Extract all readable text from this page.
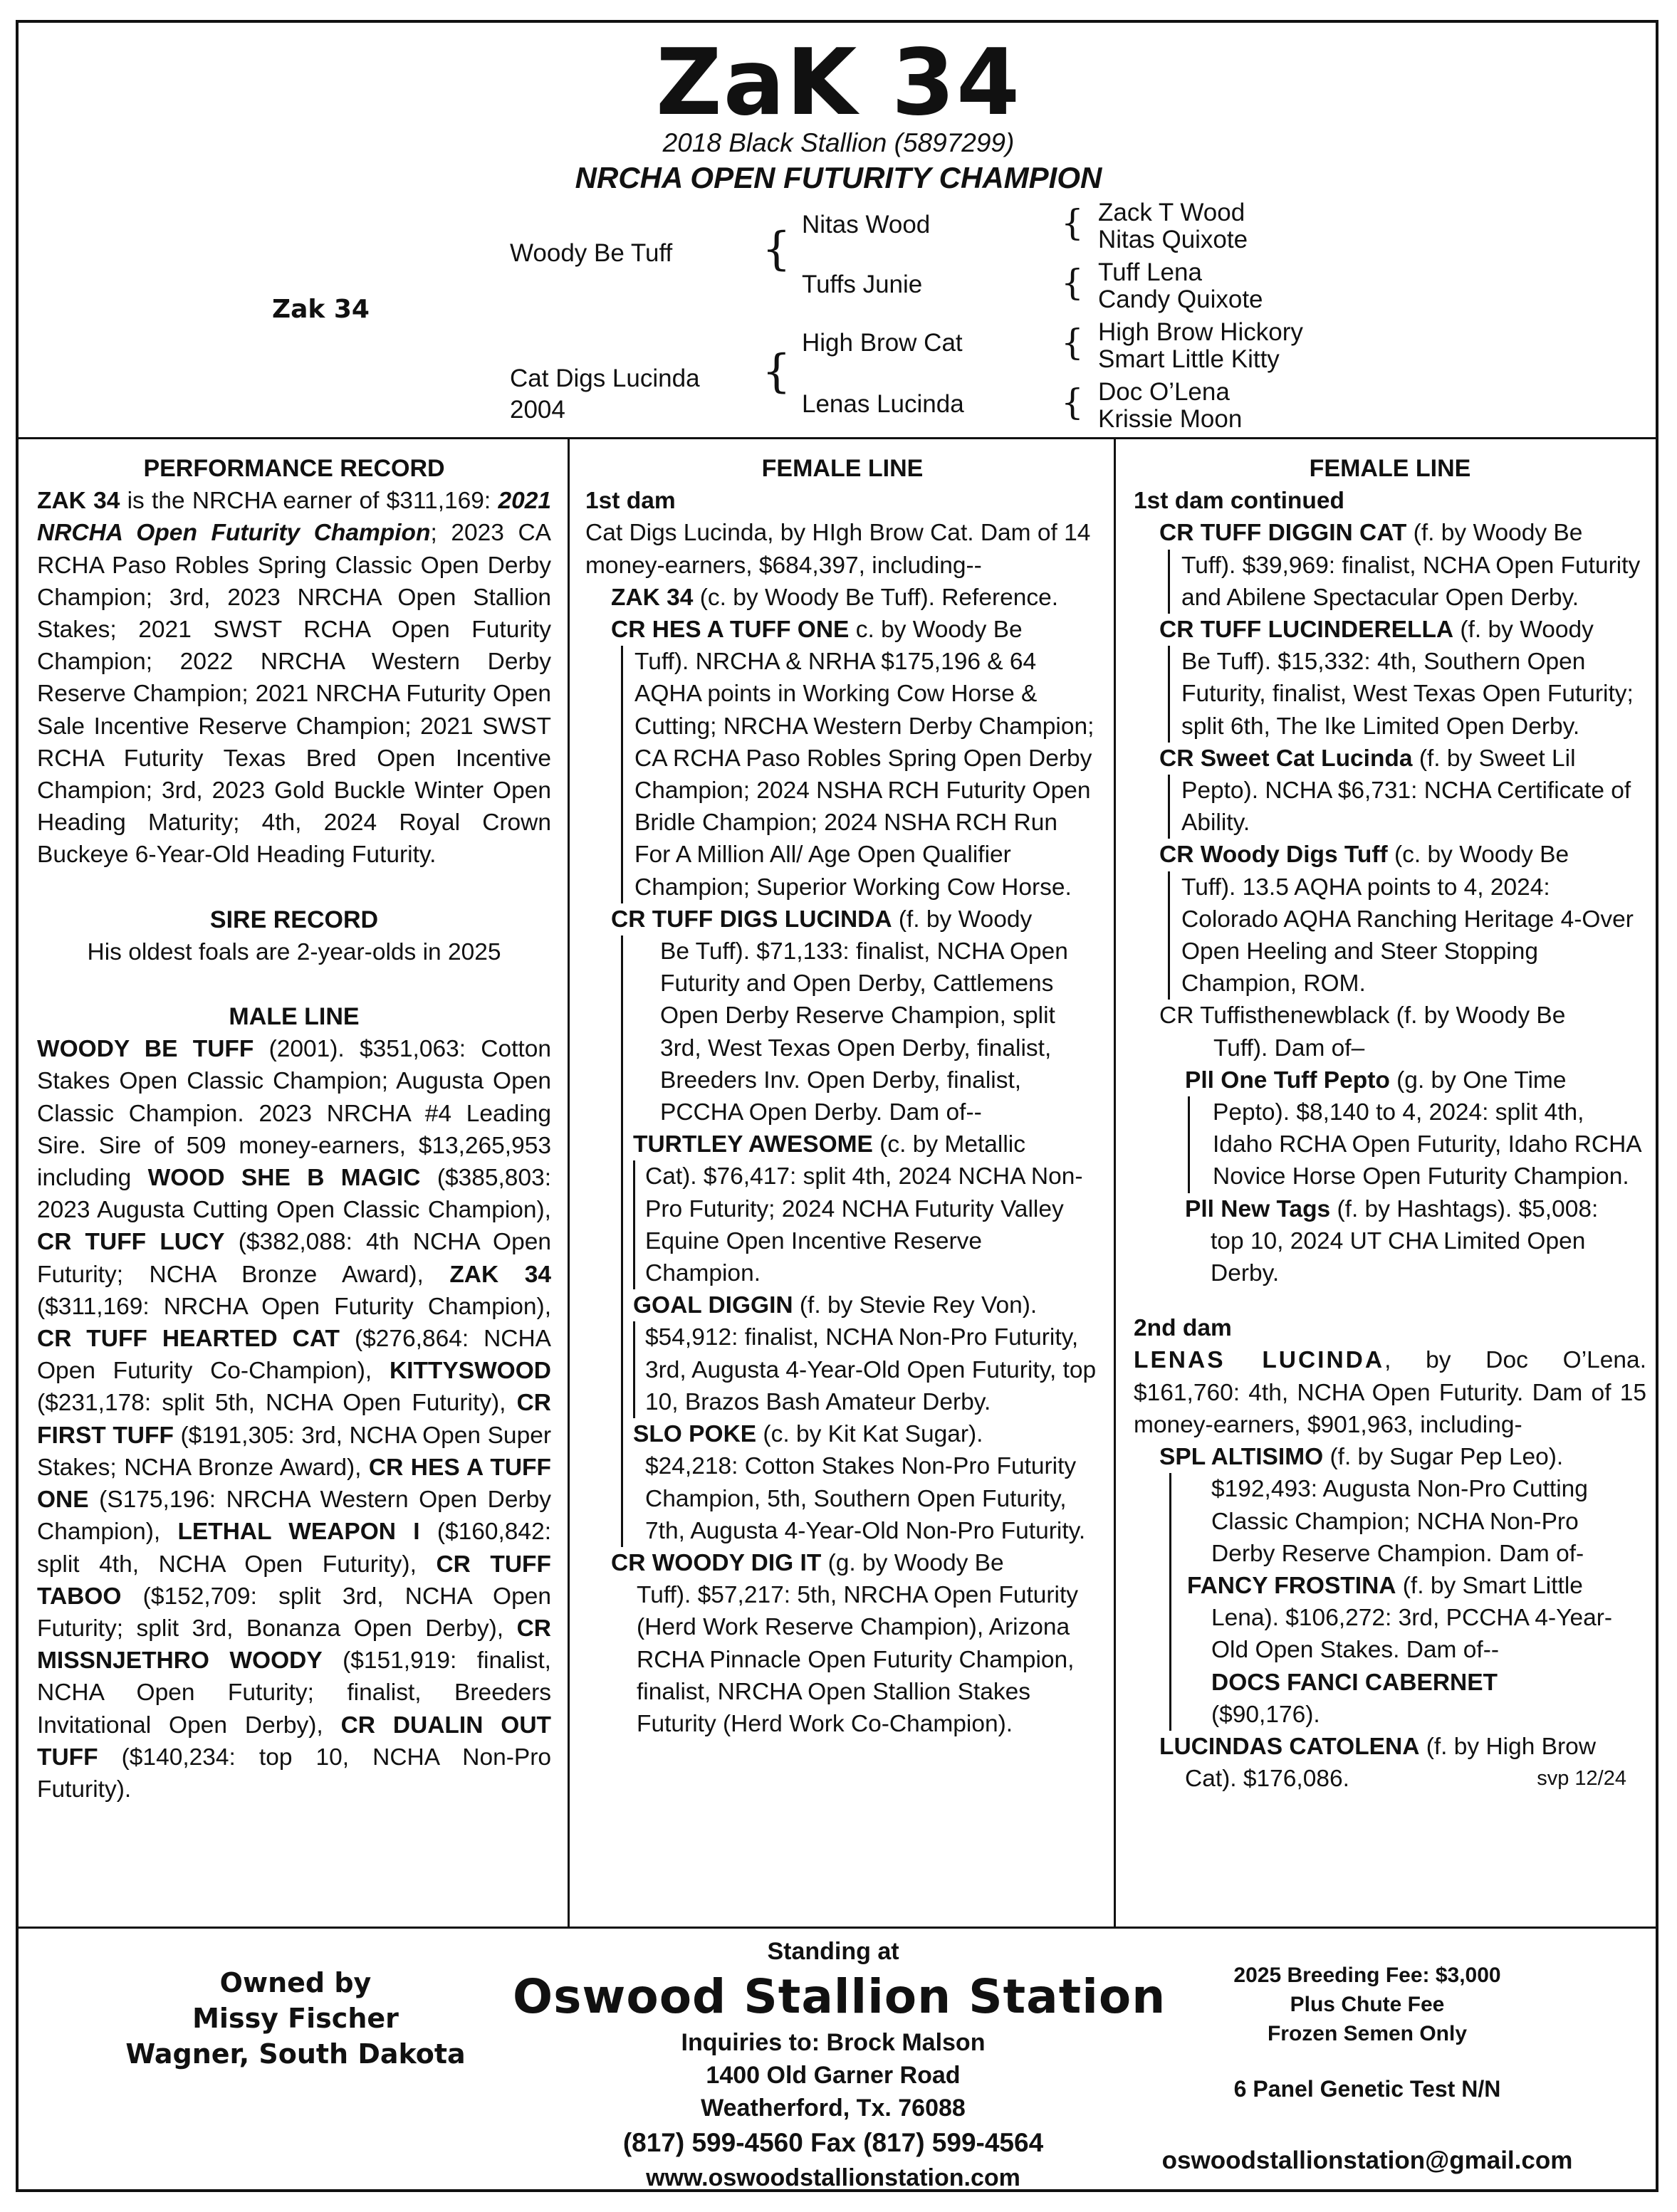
ZaK 34
2018 Black Stallion (5897299)
NRCHA OPEN FUTURITY CHAMPION
Zak 34
Woody Be Tuff
Cat Digs Lucinda
2004
{
{
Nitas Wood
Tuffs Junie
High Brow Cat
Lenas Lucinda
{
{
{
{
Zack T Wood
Nitas Quixote
Tuff Lena
Candy Quixote
High Brow Hickory
Smart Little Kitty
Doc O’Lena
Krissie Moon
PERFORMANCE RECORD

ZAK 34 is the NRCHA earner of $311,169: 2021 NRCHA Open Futurity Champion; 2023 CA RCHA Paso Robles Spring Classic Open Derby Champion; 3rd, 2023 NRCHA Open Stallion Stakes; 2021 SWST RCHA Open Futurity Champion; 2022 NRCHA Western Derby Reserve Champion; 2021 NRCHA Futurity Open Sale Incentive Reserve Champion; 2021 SWST RCHA Futurity Texas Bred Open Incentive Champion; 3rd, 2023 Gold Buckle Winter Open Heading Maturity; 4th, 2024 Royal Crown Buckeye 6-Year-Old Heading Futurity.

SIRE RECORD

His oldest foals are 2-year-olds in 2025

MALE LINE

WOODY BE TUFF (2001). $351,063: Cotton Stakes Open Classic Champion; Augusta Open Classic Champion. 2023 NRCHA #4 Leading Sire. Sire of 509 money-earners, $13,265,953 including WOOD SHE B MAGIC ($385,803: 2023 Augusta Cutting Open Classic Champion), CR TUFF LUCY ($382,088: 4th NCHA Open Futurity; NCHA Bronze Award), ZAK 34 ($311,169: NRCHA Open Futurity Champion), CR TUFF HEARTED CAT ($276,864: NCHA Open Futurity Co-Champion), KITTYSWOOD ($231,178: split 5th, NCHA Open Futurity), CR FIRST TUFF ($191,305: 3rd, NCHA Open Super Stakes; NCHA Bronze Award), CR HES A TUFF ONE (S175,196: NRCHA Western Open Derby Champion), LETHAL WEAPON I ($160,842: split 4th, NCHA Open Futurity), CR TUFF TABOO ($152,709: split 3rd, NCHA Open Futurity; split 3rd, Bonanza Open Derby), CR MISSNJETHRO WOODY ($151,919: finalist, NCHA Open Futurity; finalist, Breeders Invitational Open Derby), CR DUALIN OUT TUFF ($140,234: top 10, NCHA Non-Pro Futurity).

FEMALE LINE

1st dam

Cat Digs Lucinda, by HIgh Brow Cat. Dam of 14 money-earners, $684,397, including--

ZAK 34 (c. by Woody Be Tuff). Reference.

CR HES A TUFF ONE c. by Woody Be

Tuff). NRCHA & NRHA $175,196 & 64 AQHA points in Working Cow Horse & Cutting; NRCHA Western Derby Champion; CA RCHA Paso Robles Spring Open Derby Champion; 2024 NSHA RCH Futurity Open Bridle Champion; 2024 NSHA RCH Run For A Million All/ Age Open Qualifier Champion; Superior Working Cow Horse.

CR TUFF DIGS LUCINDA (f. by Woody

Be Tuff). $71,133: finalist, NCHA Open Futurity and Open Derby, Cattlemens Open Derby Reserve Champion, split 3rd, West Texas Open Derby, finalist, Breeders Inv. Open Derby, finalist, PCCHA Open Derby. Dam of--

TURTLEY AWESOME (c. by Metallic

Cat). $76,417: split 4th, 2024 NCHA Non-Pro Futurity; 2024 NCHA Futurity Valley Equine Open Incentive Reserve Champion.

GOAL DIGGIN (f. by Stevie Rey Von).

$54,912: finalist, NCHA Non-Pro Futurity, 3rd, Augusta 4-Year-Old Open Futurity, top 10, Brazos Bash Amateur Derby.

SLO POKE (c. by Kit Kat Sugar).

$24,218: Cotton Stakes Non-Pro Futurity Champion, 5th, Southern Open Futurity, 7th, Augusta 4-Year-Old Non-Pro Futurity.

CR WOODY DIG IT (g. by Woody Be

Tuff). $57,217: 5th, NRCHA Open Futurity (Herd Work Reserve Champion), Arizona RCHA Pinnacle Open Futurity Champion, finalist, NRCHA Open Stallion Stakes Futurity (Herd Work Co-Champion).

FEMALE LINE

1st dam continued

CR TUFF DIGGIN CAT (f. by Woody Be

Tuff). $39,969: finalist, NCHA Open Futurity and Abilene Spectacular Open Derby.

CR TUFF LUCINDERELLA (f. by Woody

Be Tuff). $15,332: 4th, Southern Open Futurity, finalist, West Texas Open Futurity; split 6th, The Ike Limited Open Derby.

CR Sweet Cat Lucinda (f. by Sweet Lil

Pepto). NCHA $6,731: NCHA Certificate of Ability.

CR Woody Digs Tuff (c. by Woody Be

Tuff). 13.5 AQHA points to 4, 2024: Colorado AQHA Ranching Heritage 4-Over Open Heeling and Steer Stopping Champion, ROM.

CR Tuffisthenewblack (f. by Woody Be

Tuff). Dam of–

Pll One Tuff Pepto (g. by One Time

Pepto). $8,140 to 4, 2024: split 4th, Idaho RCHA Open Futurity, Idaho RCHA Novice Horse Open Futurity Champion.

Pll New Tags (f. by Hashtags). $5,008:

top 10, 2024 UT CHA Limited Open Derby.

2nd dam

LENAS LUCINDA, by Doc O’Lena. $161,760: 4th, NCHA Open Futurity. Dam of 15 money-earners, $901,963, including-

SPL ALTISIMO (f. by Sugar Pep Leo).

$192,493: Augusta Non-Pro Cutting Classic Champion; NCHA Non-Pro Derby Reserve Champion. Dam of-

FANCY FROSTINA (f. by Smart Little

Lena). $106,272: 3rd, PCCHA 4-Year-Old Open Stakes. Dam of--

DOCS FANCI CABERNET

($90,176).

LUCINDAS CATOLENA (f. by High Brow

Cat). $176,086.	svp 12/24

Owned by
Missy Fischer
Wagner, South Dakota
Standing at
Oswood Stallion Station
Inquiries to: Brock Malson
1400 Old Garner Road
Weatherford, Tx. 76088
(817) 599-4560 Fax (817) 599-4564
www.oswoodstallionstation.com
2025 Breeding Fee: $3,000
Plus Chute Fee
Frozen Semen Only
6 Panel Genetic Test N/N
oswoodstallionstation@gmail.com
